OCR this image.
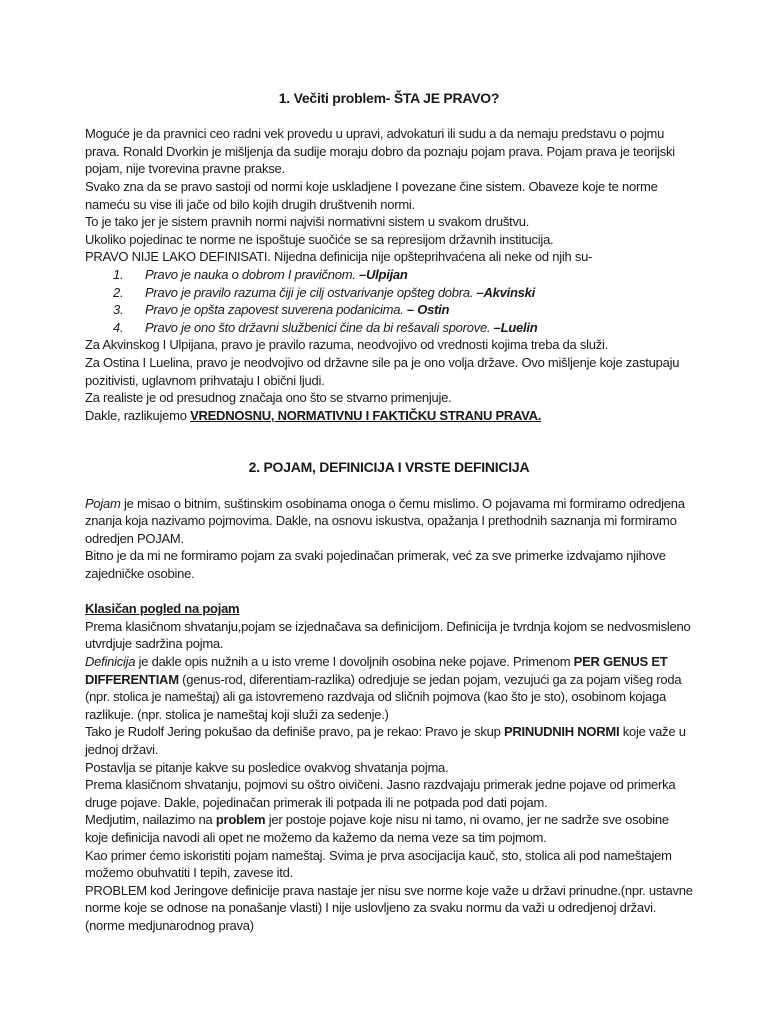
1. Večiti problem- ŠTA JE PRAVO?
Moguće je da pravnici ceo radni vek provedu u upravi, advokaturi ili sudu a da nemaju predstavu o pojmu prava. Ronald Dvorkin je mišljenja da sudije moraju dobro da poznaju pojam prava. Pojam prava je teorijski pojam, nije tvorevina pravne prakse.
Svako zna da se pravo sastoji od normi koje uskladjene I povezane čine sistem. Obaveze koje te norme nameću su vise ili jače od bilo kojih drugih društvenih normi.
To je tako jer je sistem pravnih normi najviši normativni sistem u svakom društvu.
Ukoliko pojedinac te norme ne ispoštuje suočiće se sa represijom državnih institucija.
PRAVO NIJE LAKO DEFINISATI. Nijedna definicija nije opšteprihvaćena ali neke od njih su-
1.	Pravo je nauka o dobrom I pravičnom. –Ulpijan
2.	Pravo je pravilo razuma čiji je cilj ostvarivanje opšteg dobra. –Akvinski
3.	Pravo je opšta zapovest suverena podanicima. – Ostin
4.	Pravo je ono što državni službenici čine da bi rešavali sporove. –Luelin
Za Akvinskog I Ulpijana, pravo je pravilo razuma, neodvojivo od vrednosti kojima treba da služi.
Za Ostina I Luelina, pravo je neodvojivo od državne sile pa je ono volja države. Ovo mišljenje koje zastupaju pozitivisti, uglavnom prihvataju I obični ljudi.
Za realiste je od presudnog značaja ono što se stvarno primenjuje.
Dakle, razlikujemo VREDNOSNU, NORMATIVNU I FAKTIČKU STRANU PRAVA.
2. POJAM, DEFINICIJA I VRSTE DEFINICIJA
Pojam je misao o bitnim, suštinskim osobinama onoga o čemu mislimo. O pojavama mi formiramo odredjena znanja koja nazivamo pojmovima. Dakle, na osnovu iskustva, opažanja I prethodnih saznanja mi formiramo odredjen POJAM.
Bitno je da mi ne formiramo pojam za svaki pojedinačan primerak, već za sve primerke izdvajamo njihove zajedničke osobine.
Klasičan pogled na pojam
Prema klasičnom shvatanju,pojam se izjednačava sa definicijom. Definicija je tvrdnja kojom se nedvosmisleno utvrdjuje sadržina pojma.
Definicija je dakle opis nužnih a u isto vreme I dovoljnih osobina neke pojave. Primenom PER GENUS ET DIFFERENTIAM (genus-rod, diferentiam-razlika) odredjuje se jedan pojam, vezujući ga za pojam višeg roda (npr. stolica je nameštaj) ali ga istovremeno razdvaja od sličnih pojmova (kao što je sto), osobinom kojaga razlikuje. (npr. stolica je nameštaj koji služi za sedenje.)
Tako je Rudolf Jering pokušao da definiše pravo, pa je rekao: Pravo je skup PRINUDNIH NORMI koje važe u jednoj državi.
Postavlja se pitanje kakve su posledice ovakvog shvatanja pojma.
Prema klasičnom shvatanju, pojmovi su oštro oivičeni. Jasno razdvajaju primerak jedne pojave od primerka druge pojave. Dakle, pojedinačan primerak ili potpada ili ne potpada pod dati pojam.
Medjutim, nailazimo na problem jer postoje pojave koje nisu ni tamo, ni ovamo, jer ne sadrže sve osobine koje definicija navodi ali opet ne možemo da kažemo da nema veze sa tim pojmom.
Kao primer ćemo iskoristiti pojam nameštaj. Svima je prva asocijacija kauč, sto, stolica ali pod nameštajem možemo obuhvatiti I tepih, zavese itd.
PROBLEM kod Jeringove definicije prava nastaje jer nisu sve norme koje važe u državi prinudne.(npr. ustavne norme koje se odnose na ponašanje vlasti) I nije uslovljeno za svaku normu da važi u odredjenoj državi. (norme medjunarodnog prava)
